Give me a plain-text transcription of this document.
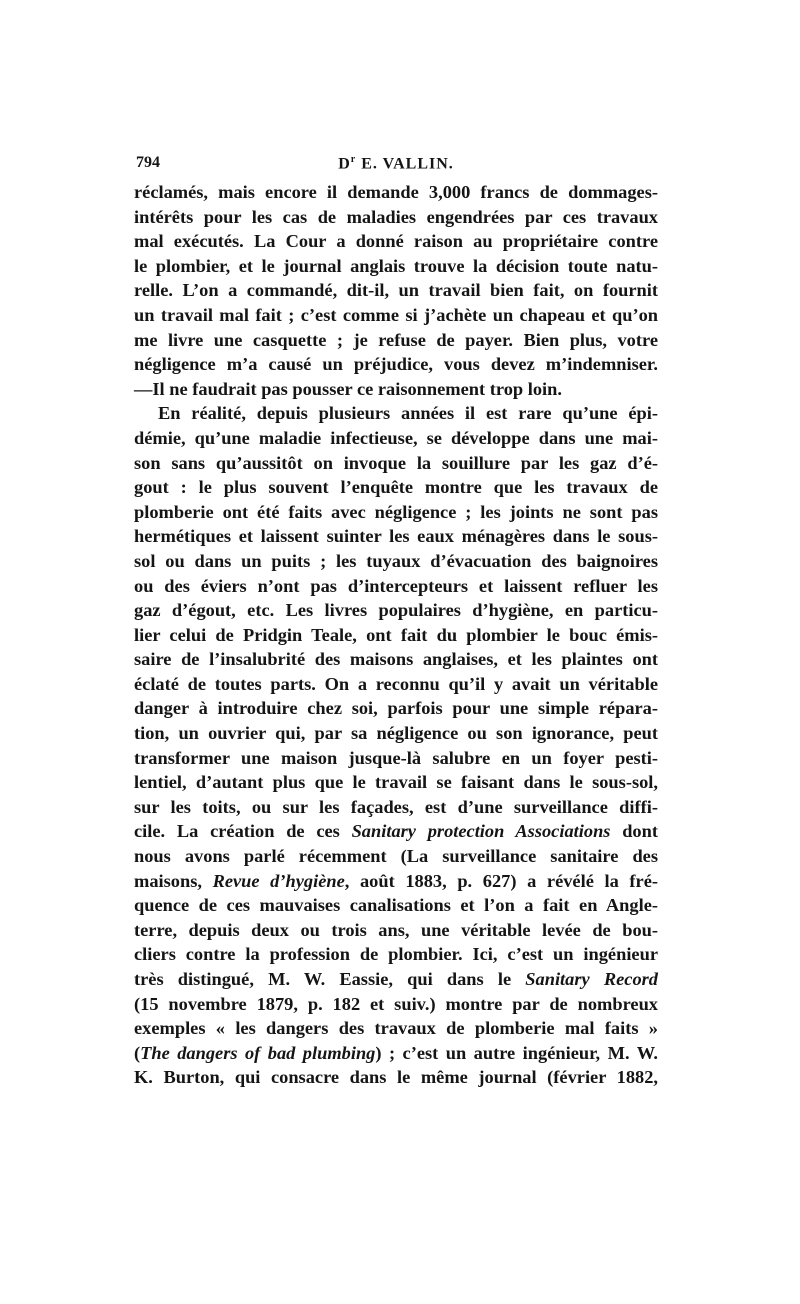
794	$D^r$ E. VALLIN.
réclamés, mais encore il demande 3,000 francs de dommages-
intérêts pour les cas de maladies engendrées par ces travaux
mal exécutés. La Cour a donné raison au propriétaire contre
le plombier, et le journal anglais trouve la décision toute natu-
relle. L’on a commandé, dit-il, un travail bien fait, on fournit
un travail mal fait ; c’est comme si j’achète un chapeau et qu’on
me livre une casquette ; je refuse de payer. Bien plus, votre
négligence m’a causé un préjudice, vous devez m’indemniser.
—Il ne faudrait pas pousser ce raisonnement trop loin.
En réalité, depuis plusieurs années il est rare qu’une épi-
démie, qu’une maladie infectieuse, se développe dans une mai-
son sans qu’aussitôt on invoque la souillure par les gaz d’é-
gout : le plus souvent l’enquête montre que les travaux de
plomberie ont été faits avec négligence ; les joints ne sont pas
hermétiques et laissent suinter les eaux ménagères dans le sous-
sol ou dans un puits ; les tuyaux d’évacuation des baignoires
ou des éviers n’ont pas d’intercepteurs et laissent refluer les
gaz d’égout, etc. Les livres populaires d’hygiène, en particu-
lier celui de Pridgin Teale, ont fait du plombier le bouc émis-
saire de l’insalubrité des maisons anglaises, et les plaintes ont
éclaté de toutes parts. On a reconnu qu’il y avait un véritable
danger à introduire chez soi, parfois pour une simple répara-
tion, un ouvrier qui, par sa négligence ou son ignorance, peut
transformer une maison jusque-là salubre en un foyer pesti-
lentiel, d’autant plus que le travail se faisant dans le sous-sol,
sur les toits, ou sur les façades, est d’une surveillance diffi-
cile. La création de ces Sanitary protection Associations dont
nous avons parlé récemment (La surveillance sanitaire des
maisons, Revue d’hygiène, août 1883, p. 627) a révélé la fré-
quence de ces mauvaises canalisations et l’on a fait en Angle-
terre, depuis deux ou trois ans, une véritable levée de bou-
cliers contre la profession de plombier. Ici, c’est un ingénieur
très distingué, M. W. Eassie, qui dans le Sanitary Record
(15 novembre 1879, p. 182 et suiv.) montre par de nombreux
exemples « les dangers des travaux de plomberie mal faits »
(The dangers of bad plumbing) ; c’est un autre ingénieur, M. W.
K. Burton, qui consacre dans le même journal (février 1882,
